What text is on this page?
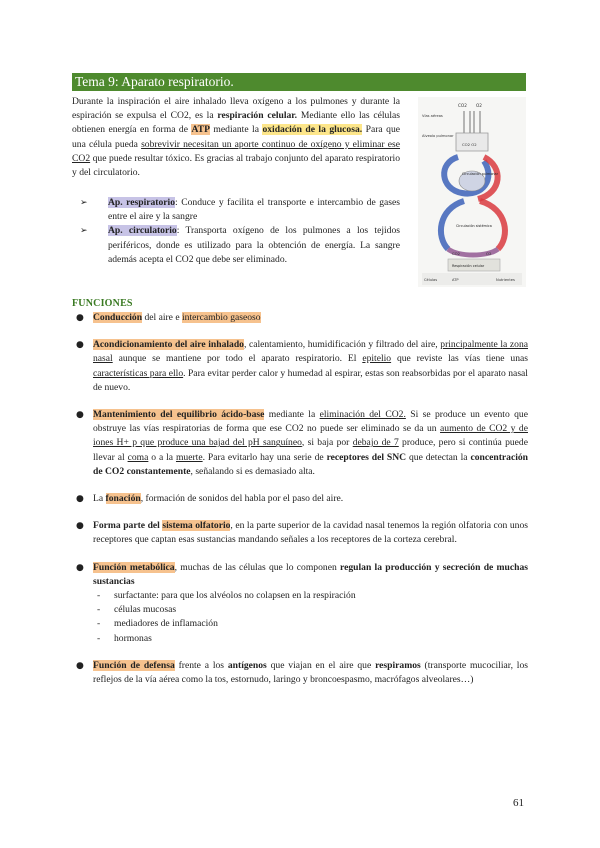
Tema 9: Aparato respiratorio.
Durante la inspiración el aire inhalado lleva oxígeno a los pulmones y durante la espiración se expulsa el CO2, es la respiración celular. Mediante ello las células obtienen energía en forma de ATP mediante la oxidación de la glucosa. Para que una célula pueda sobrevivir necesitan un aporte continuo de oxígeno y eliminar ese CO2 que puede resultar tóxico. Es gracias al trabajo conjunto del aparato respiratorio y del circulatorio.
➢ Ap. respiratorio: Conduce y facilita el transporte e intercambio de gases entre el aire y la sangre
➢ Ap. circulatorio: Transporta oxígeno de los pulmones a los tejidos periféricos, donde es utilizado para la obtención de energía. La sangre además acepta el CO2 que debe ser eliminado.
CO2 O2
Vías aéreas
Alveolo pulmonar
CO2 O2
Circulación pulmonar
Circulación sistémica
CO2	O2
Respiración celular
Células	ATP	Nutrientes
FUNCIONES
● Conducción del aire e intercambio gaseoso
● Acondicionamiento del aire inhalado, calentamiento, humidificación y filtrado del aire, principalmente la zona nasal aunque se mantiene por todo el aparato respiratorio. El epitelio que reviste las vías tiene unas características para ello. Para evitar perder calor y humedad al espirar, estas son reabsorbidas por el aparato nasal de nuevo.
● Mantenimiento del equilibrio ácido-base mediante la eliminación del CO2. Si se produce un evento que obstruye las vías respiratorias de forma que ese CO2 no puede ser eliminado se da un aumento de CO2 y de iones H+ p que produce una bajad del pH sanguíneo, si baja por debajo de 7 produce, pero si continúa puede llevar al coma o a la muerte. Para evitarlo hay una serie de receptores del SNC que detectan la concentración de CO2 constantemente, señalando si es demasiado alta.
● La fonación, formación de sonidos del habla por el paso del aire.
● Forma parte del sistema olfatorio, en la parte superior de la cavidad nasal tenemos la región olfatoria con unos receptores que captan esas sustancias mandando señales a los receptores de la corteza cerebral.
● Función metabólica, muchas de las células que lo componen regulan la producción y secreción de muchas sustancias
- surfactante: para que los alvéolos no colapsen en la respiración
- células mucosas
- mediadores de inflamación
- hormonas
● Función de defensa frente a los antígenos que viajan en el aire que respiramos (transporte mucociliar, los reflejos de la vía aérea como la tos, estornudo, laringo y broncoespasmo, macrófagos alveolares…)
61
